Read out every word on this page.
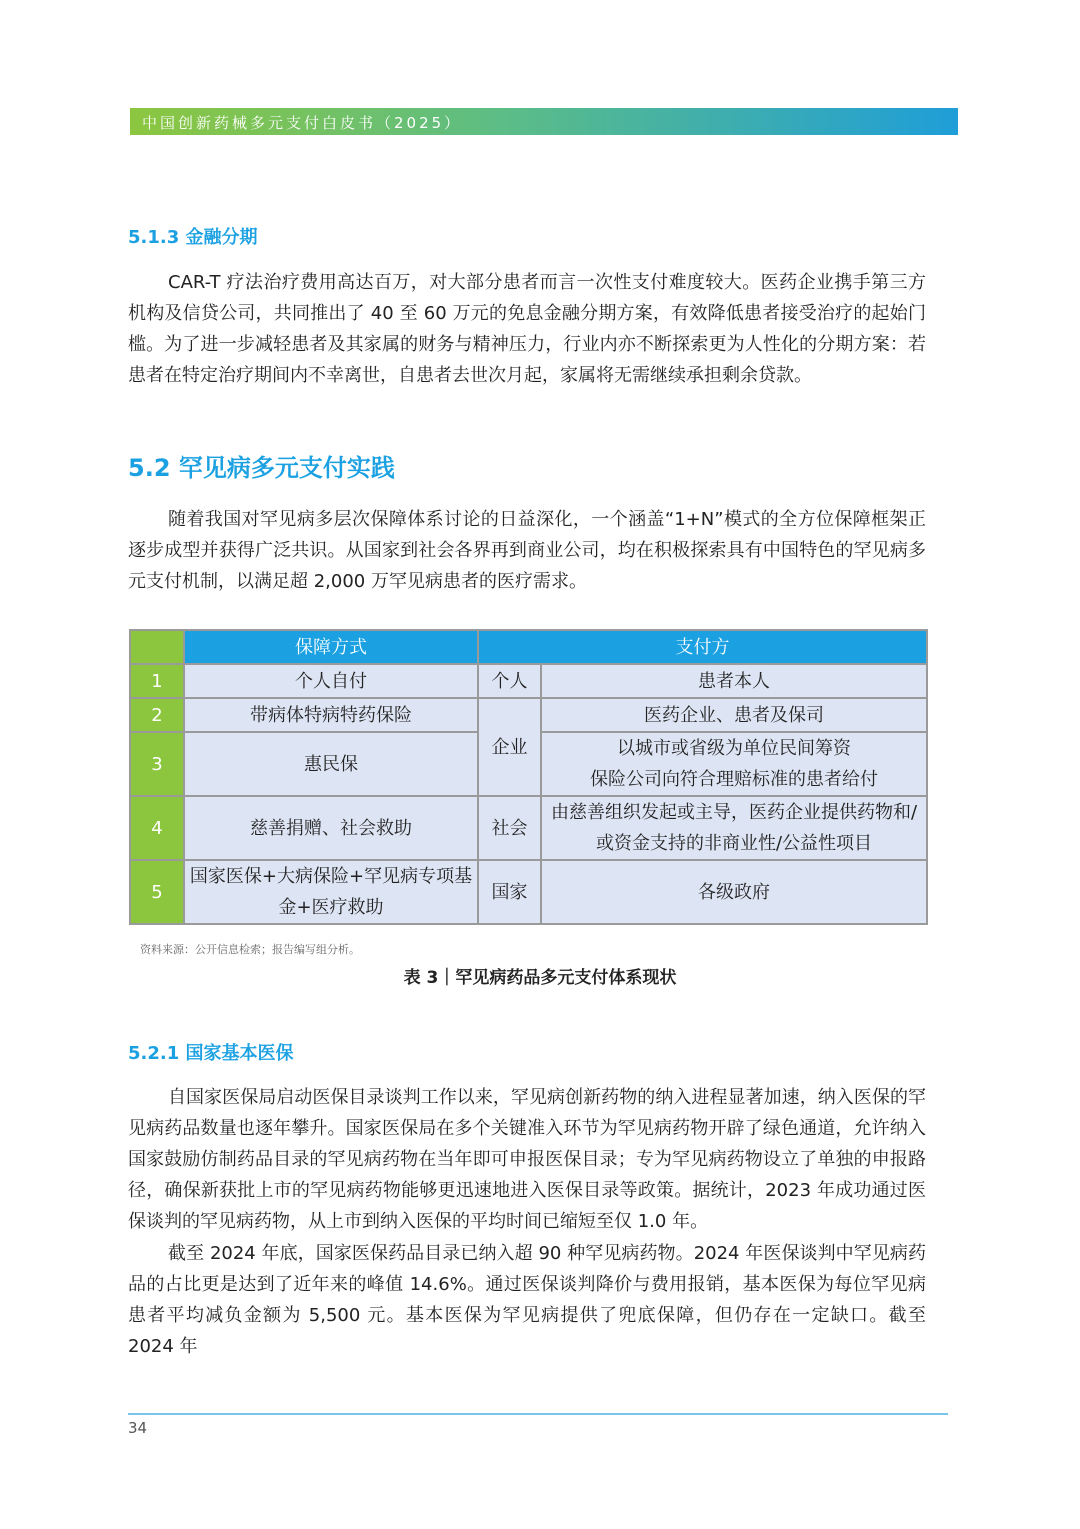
中国创新药械多元支付白皮书（2025）
5.1.3 金融分期

CAR-T 疗法治疗费用高达百万，对大部分患者而言一次性支付难度较大。医药企业携手第三方机构及信贷公司，共同推出了 40 至 60 万元的免息金融分期方案，有效降低患者接受治疗的起始门槛。为了进一步减轻患者及其家属的财务与精神压力，行业内亦不断探索更为人性化的分期方案：若患者在特定治疗期间内不幸离世，自患者去世次月起，家属将无需继续承担剩余贷款。

5.2 罕见病多元支付实践

随着我国对罕见病多层次保障体系讨论的日益深化，一个涵盖“1+N”模式的全方位保障框架正逐步成型并获得广泛共识。从国家到社会各界再到商业公司，均在积极探索具有中国特色的罕见病多元支付机制，以满足超 2,000 万罕见病患者的医疗需求。

	保障方式	支付方	
1	个人自付	个人	患者本人
2	带病体特病特药保险	企业	医药企业、患者及保司
3	惠民保		以城市或省级为单位民间筹资
保险公司向符合理赔标准的患者给付

4	慈善捐赠、社会救助	社会	由慈善组织发起或主导，医药企业提供药物和/
或资金支持的非商业性/公益性项目

5	国家医保+大病保险+罕见病专项基
金+医疗救助	国家	各级政府
资料来源：公开信息检索；报告编写组分析。
表 3｜罕见病药品多元支付体系现状
5.2.1 国家基本医保

自国家医保局启动医保目录谈判工作以来，罕见病创新药物的纳入进程显著加速，纳入医保的罕见病药品数量也逐年攀升。国家医保局在多个关键准入环节为罕见病药物开辟了绿色通道，允许纳入国家鼓励仿制药品目录的罕见病药物在当年即可申报医保目录；专为罕见病药物设立了单独的申报路径，确保新获批上市的罕见病药物能够更迅速地进入医保目录等政策。据统计，2023 年成功通过医保谈判的罕见病药物，从上市到纳入医保的平均时间已缩短至仅 1.0 年。

截至 2024 年底，国家医保药品目录已纳入超 90 种罕见病药物。2024 年医保谈判中罕见病药品的占比更是达到了近年来的峰值 14.6%。通过医保谈判降价与费用报销，基本医保为每位罕见病患者平均减负金额为 5,500 元。基本医保为罕见病提供了兜底保障，但仍存在一定缺口。截至 2024 年

34
